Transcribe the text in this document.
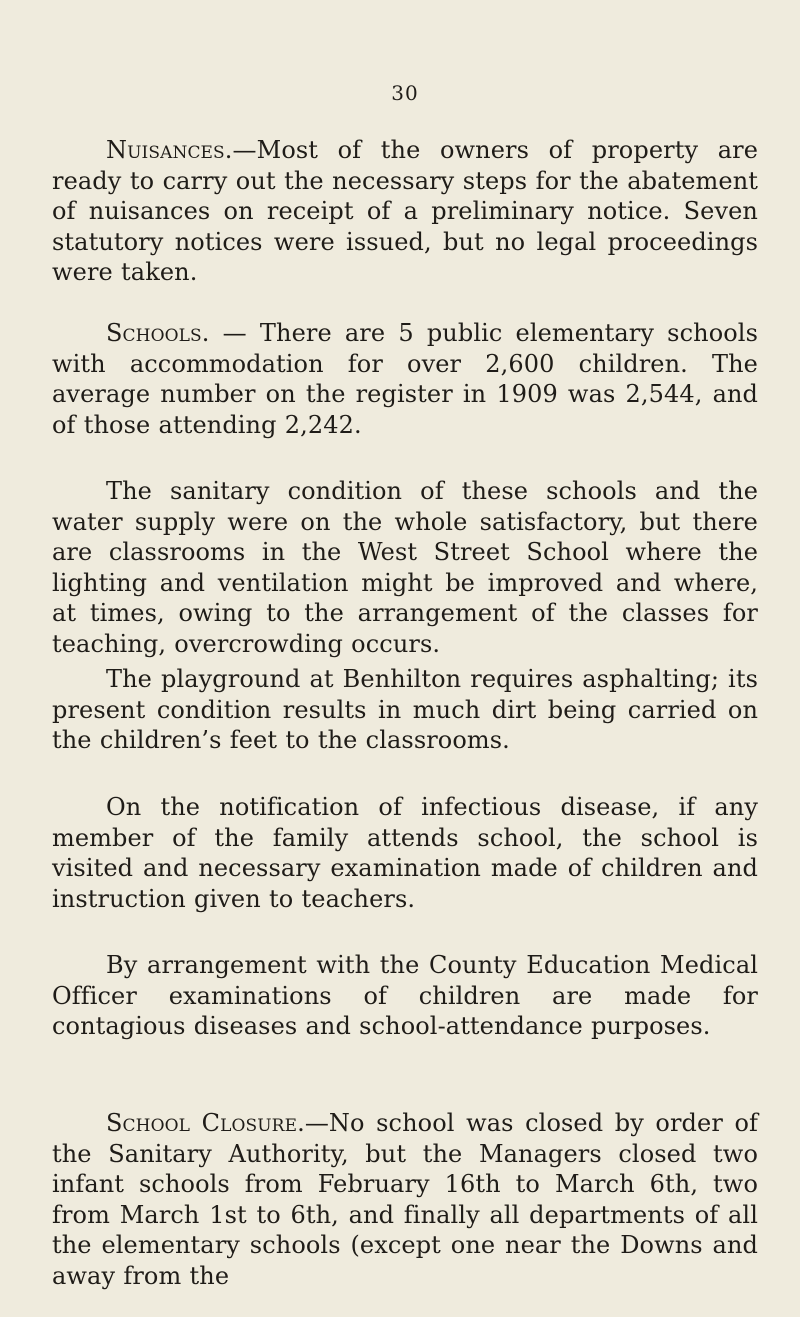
30

Nuisances.—Most of the owners of property are ready to carry out the necessary steps for the abatement of nuisances on receipt of a preliminary notice. Seven statutory notices were issued, but no legal proceedings were taken.

Schools. — There are 5 public elementary schools with accommodation for over 2,600 children. The average number on the register in 1909 was 2,544, and of those attending 2,242.

The sanitary condition of these schools and the water supply were on the whole satisfactory, but there are classrooms in the West Street School where the lighting and ventilation might be improved and where, at times, owing to the arrangement of the classes for teaching, overcrowding occurs.

The playground at Benhilton requires asphalting; its present condition results in much dirt being carried on the children’s feet to the classrooms.

On the notification of infectious disease, if any member of the family attends school, the school is visited and necessary examination made of children and instruction given to teachers.

By arrangement with the County Education Medical Officer examinations of children are made for contagious diseases and school-attendance purposes.

School Closure.—No school was closed by order of the Sanitary Authority, but the Managers closed two infant schools from February 16th to March 6th, two from March 1st to 6th, and finally all departments of all the elementary schools (except one near the Downs and away from the
